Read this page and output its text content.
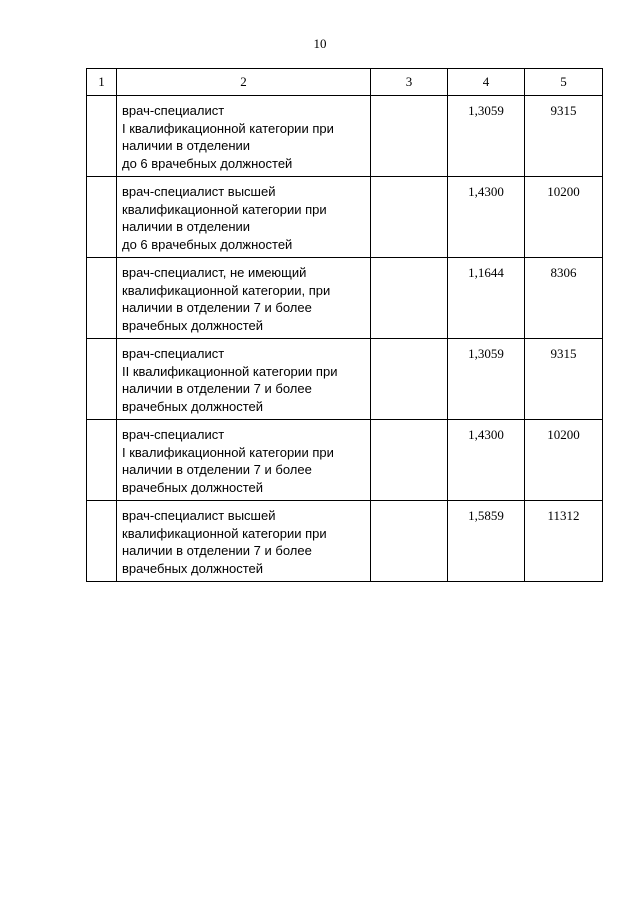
10
1	2	3	4	5

	врач-специалист
I квалификационной категории при
наличии в отделении
до 6 врачебных должностей		1,3059	9315

	врач-специалист высшей
квалификационной категории при
наличии в отделении
до 6 врачебных должностей		1,4300	10200

	врач-специалист, не имеющий
квалификационной категории, при
наличии в отделении 7 и более
врачебных должностей		1,1644	8306

	врач-специалист
II квалификационной категории при
наличии в отделении 7 и более
врачебных должностей		1,3059	9315

	врач-специалист
I квалификационной категории при
наличии в отделении 7 и более
врачебных должностей		1,4300	10200

	врач-специалист высшей
квалификационной категории при
наличии в отделении 7 и более
врачебных должностей		1,5859	11312
